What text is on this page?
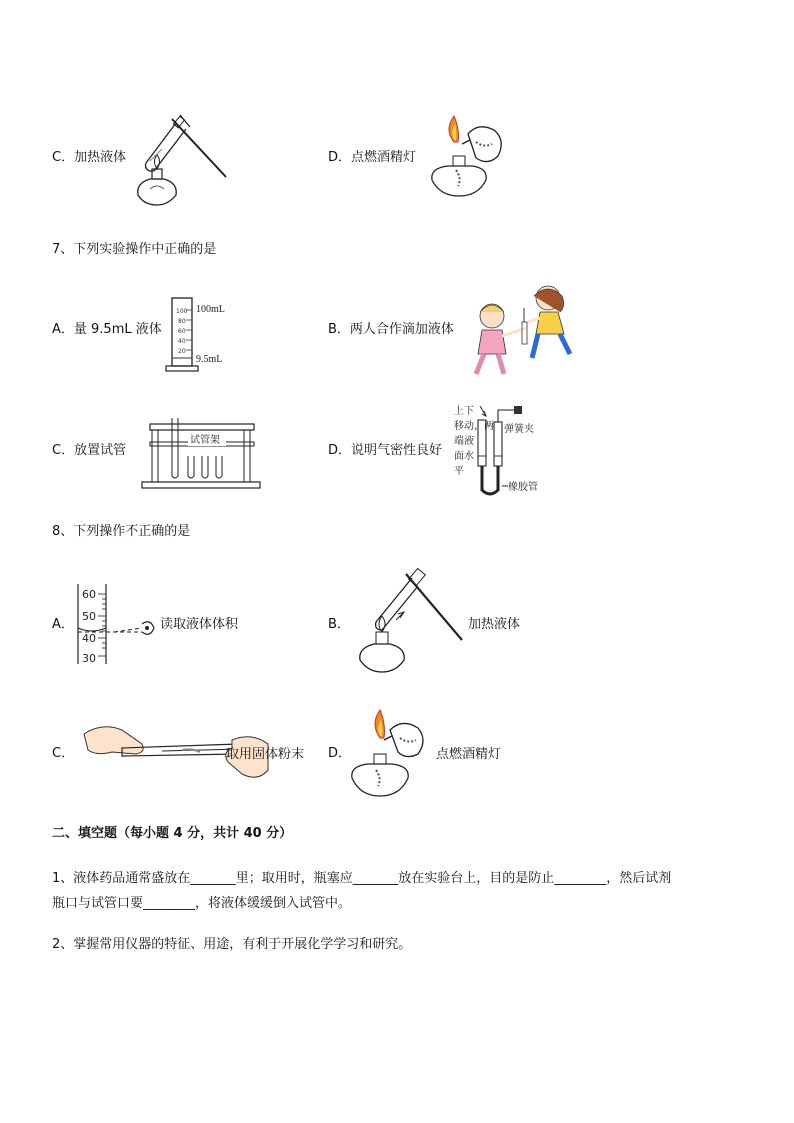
C．加热液体	D．点燃酒精灯
7、下列实验操作中正确的是
A．量 9.5mL 液体
100
80
60
40
20
100mL
9.5mL
B．两人合作滴加液体
C．放置试管
试管架
D．说明气密性良好
上下
移动，两
端液
面水
平
弹簧夹
橡胶管
8、下列操作不正确的是
A．
60
50
40
30
读取液体体积	B．	加热液体
C．	取用固体粉末 D．	点燃酒精灯
二、填空题（每小题 4 分，共计 40 分）
1、液体药品通常盛放在_______里；取用时，瓶塞应_______放在实验台上，目的是防止________，然后试剂
瓶口与试管口要________，将液体缓缓倒入试管中。
2、掌握常用仪器的特征、用途，有利于开展化学学习和研究。
